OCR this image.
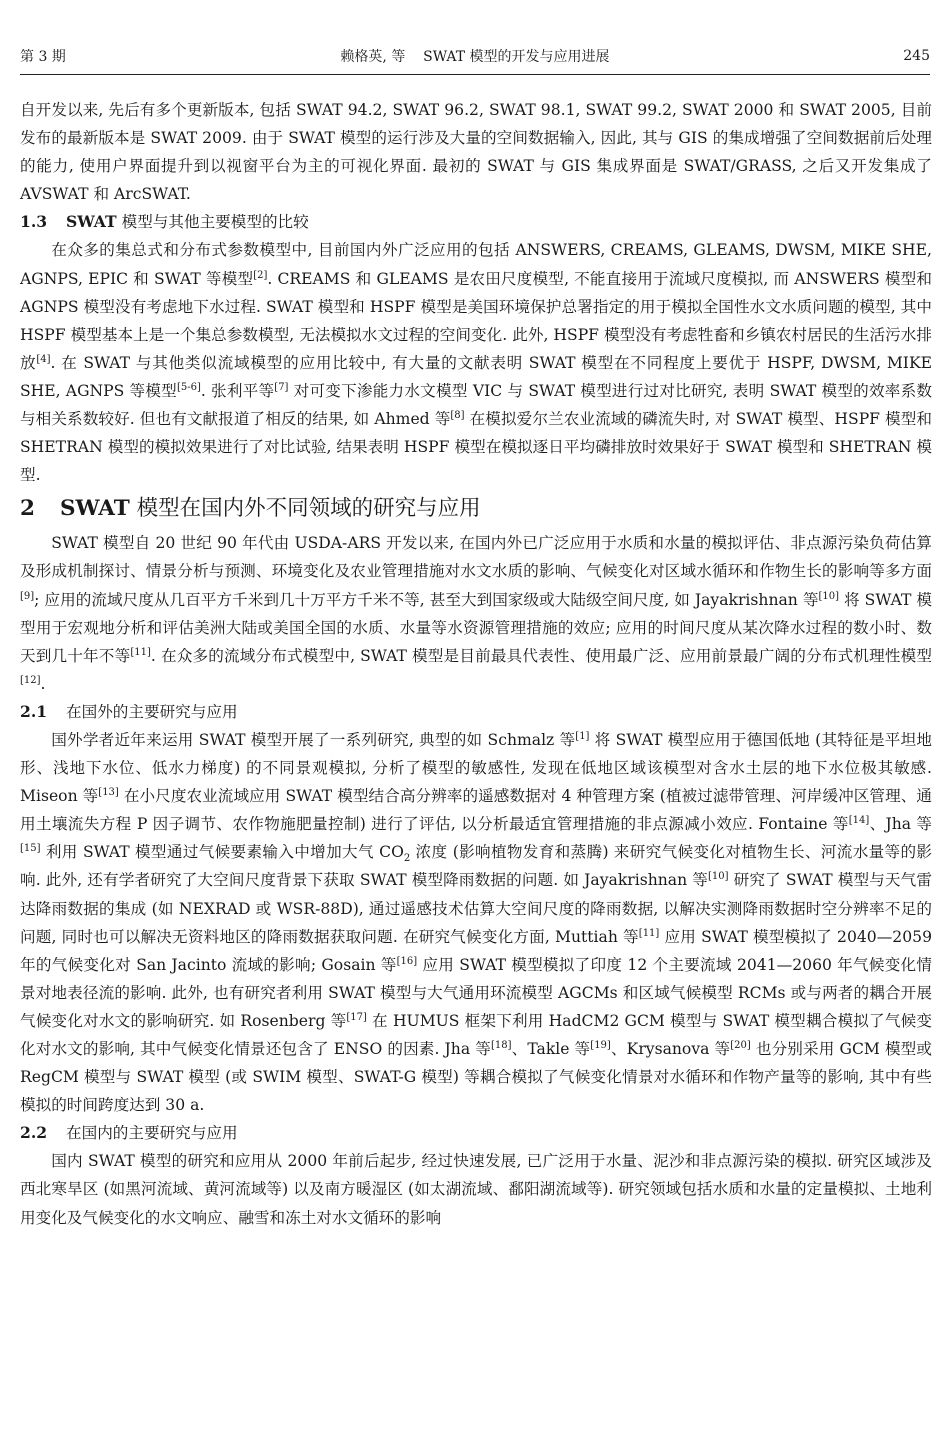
第 3 期	赖格英, 等 SWAT 模型的开发与应用进展	245

自开发以来, 先后有多个更新版本, 包括 SWAT 94.2, SWAT 96.2, SWAT 98.1, SWAT 99.2, SWAT 2000 和 SWAT 2005, 目前发布的最新版本是 SWAT 2009. 由于 SWAT 模型的运行涉及大量的空间数据输入, 因此, 其与 GIS 的集成增强了空间数据前后处理的能力, 使用户界面提升到以视窗平台为主的可视化界面. 最初的 SWAT 与 GIS 集成界面是 SWAT/GRASS, 之后又开发集成了 AVSWAT 和 ArcSWAT.

1.3 SWAT 模型与其他主要模型的比较

在众多的集总式和分布式参数模型中, 目前国内外广泛应用的包括 ANSWERS, CREAMS, GLEAMS, DWSM, MIKE SHE, AGNPS, EPIC 和 SWAT 等模型[2]. CREAMS 和 GLEAMS 是农田尺度模型, 不能直接用于流域尺度模拟, 而 ANSWERS 模型和 AGNPS 模型没有考虑地下水过程. SWAT 模型和 HSPF 模型是美国环境保护总署指定的用于模拟全国性水文水质问题的模型, 其中 HSPF 模型基本上是一个集总参数模型, 无法模拟水文过程的空间变化. 此外, HSPF 模型没有考虑牲畜和乡镇农村居民的生活污水排放[4]. 在 SWAT 与其他类似流域模型的应用比较中, 有大量的文献表明 SWAT 模型在不同程度上要优于 HSPF, DWSM, MIKE SHE, AGNPS 等模型[5-6]. 张利平等[7] 对可变下渗能力水文模型 VIC 与 SWAT 模型进行过对比研究, 表明 SWAT 模型的效率系数与相关系数较好. 但也有文献报道了相反的结果, 如 Ahmed 等[8] 在模拟爱尔兰农业流域的磷流失时, 对 SWAT 模型、HSPF 模型和 SHETRAN 模型的模拟效果进行了对比试验, 结果表明 HSPF 模型在模拟逐日平均磷排放时效果好于 SWAT 模型和 SHETRAN 模型.

2 SWAT 模型在国内外不同领域的研究与应用

SWAT 模型自 20 世纪 90 年代由 USDA-ARS 开发以来, 在国内外已广泛应用于水质和水量的模拟评估、非点源污染负荷估算及形成机制探讨、情景分析与预测、环境变化及农业管理措施对水文水质的影响、气候变化对区域水循环和作物生长的影响等多方面[9]; 应用的流域尺度从几百平方千米到几十万平方千米不等, 甚至大到国家级或大陆级空间尺度, 如 Jayakrishnan 等[10] 将 SWAT 模型用于宏观地分析和评估美洲大陆或美国全国的水质、水量等水资源管理措施的效应; 应用的时间尺度从某次降水过程的数小时、数天到几十年不等[11]. 在众多的流域分布式模型中, SWAT 模型是目前最具代表性、使用最广泛、应用前景最广阔的分布式机理性模型[12].

2.1 在国外的主要研究与应用

国外学者近年来运用 SWAT 模型开展了一系列研究, 典型的如 Schmalz 等[1] 将 SWAT 模型应用于德国低地 (其特征是平坦地形、浅地下水位、低水力梯度) 的不同景观模拟, 分析了模型的敏感性, 发现在低地区域该模型对含水土层的地下水位极其敏感. Miseon 等[13] 在小尺度农业流域应用 SWAT 模型结合高分辨率的遥感数据对 4 种管理方案 (植被过滤带管理、河岸缓冲区管理、通用土壤流失方程 P 因子调节、农作物施肥量控制) 进行了评估, 以分析最适宜管理措施的非点源减小效应. Fontaine 等[14]、Jha 等[15] 利用 SWAT 模型通过气候要素输入中增加大气 $CO_2$ 浓度 (影响植物发育和蒸腾) 来研究气候变化对植物生长、河流水量等的影响. 此外, 还有学者研究了大空间尺度背景下获取 SWAT 模型降雨数据的问题. 如 Jayakrishnan 等[10] 研究了 SWAT 模型与天气雷达降雨数据的集成 (如 NEXRAD 或 WSR-88D), 通过遥感技术估算大空间尺度的降雨数据, 以解决实测降雨数据时空分辨率不足的问题, 同时也可以解决无资料地区的降雨数据获取问题. 在研究气候变化方面, Muttiah 等[11] 应用 SWAT 模型模拟了 2040—2059 年的气候变化对 San Jacinto 流域的影响; Gosain 等[16] 应用 SWAT 模型模拟了印度 12 个主要流域 2041—2060 年气候变化情景对地表径流的影响. 此外, 也有研究者利用 SWAT 模型与大气通用环流模型 AGCMs 和区域气候模型 RCMs 或与两者的耦合开展气候变化对水文的影响研究. 如 Rosenberg 等[17] 在 HUMUS 框架下利用 HadCM2 GCM 模型与 SWAT 模型耦合模拟了气候变化对水文的影响, 其中气候变化情景还包含了 ENSO 的因素. Jha 等[18]、Takle 等[19]、Krysanova 等[20] 也分别采用 GCM 模型或 RegCM 模型与 SWAT 模型 (或 SWIM 模型、SWAT-G 模型) 等耦合模拟了气候变化情景对水循环和作物产量等的影响, 其中有些模拟的时间跨度达到 30 a.

2.2 在国内的主要研究与应用

国内 SWAT 模型的研究和应用从 2000 年前后起步, 经过快速发展, 已广泛用于水量、泥沙和非点源污染的模拟. 研究区域涉及西北寒旱区 (如黑河流域、黄河流域等) 以及南方暖湿区 (如太湖流域、鄱阳湖流域等). 研究领域包括水质和水量的定量模拟、土地利用变化及气候变化的水文响应、融雪和冻土对水文循环的影响
